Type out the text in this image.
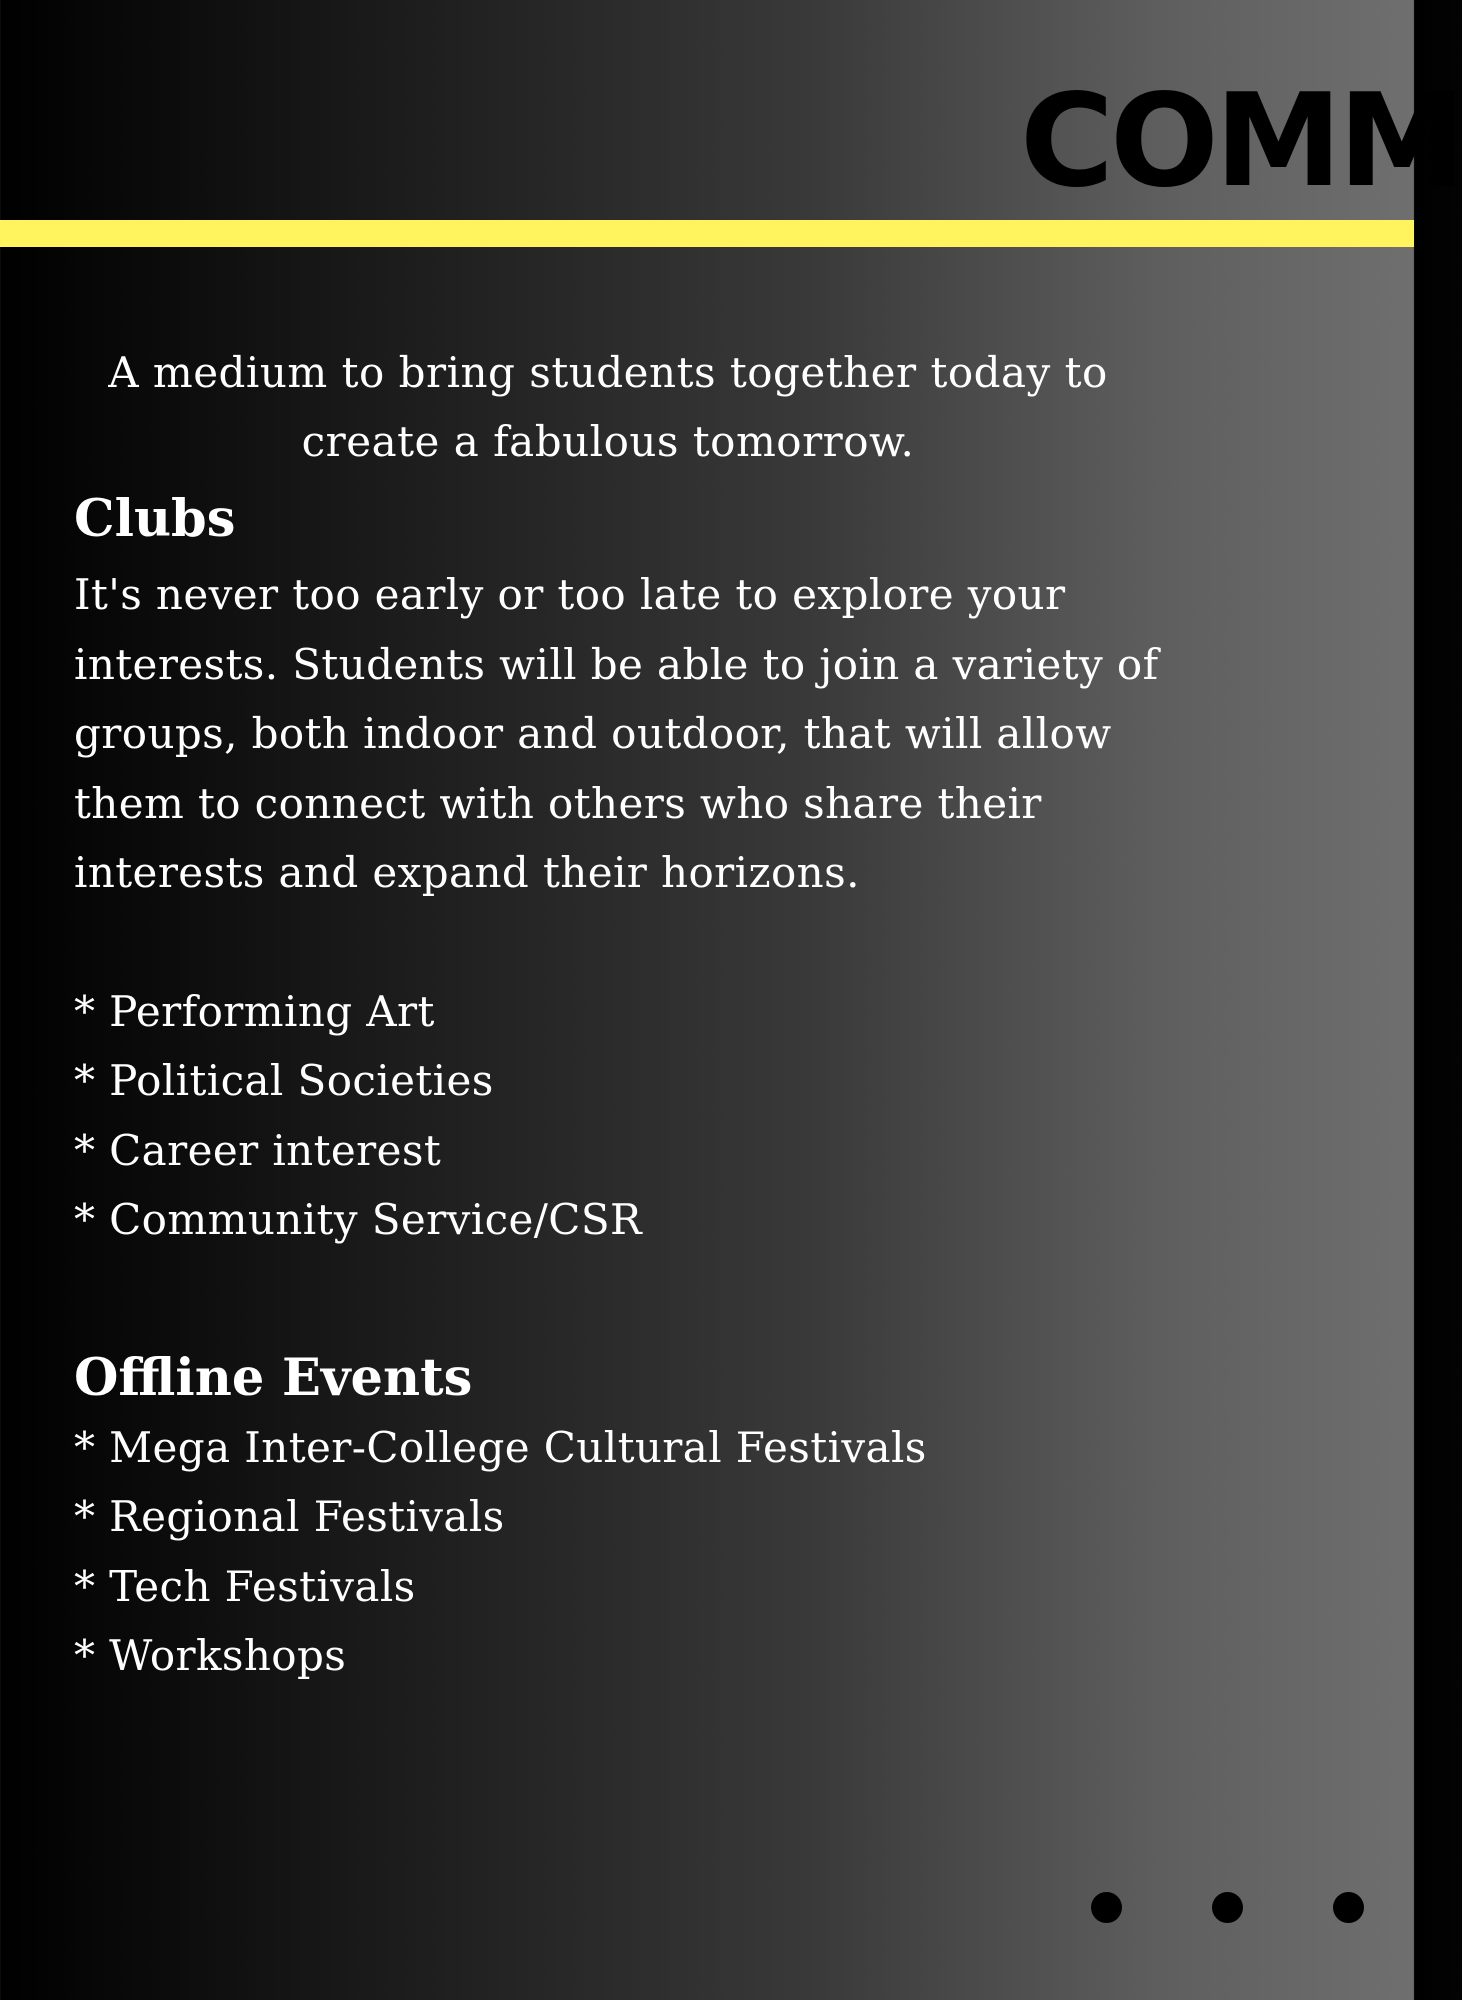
COMM

A medium to bring students together today to create a fabulous tomorrow.

Clubs

It's never too early or too late to explore your interests. Students will be able to join a variety of groups, both indoor and outdoor, that will allow them to connect with others who share their interests and expand their horizons.

* Performing Art
* Political Societies
* Career interest
* Community Service/CSR
Offline Events
* Mega Inter-College Cultural Festivals
* Regional Festivals
* Tech Festivals
* Workshops
